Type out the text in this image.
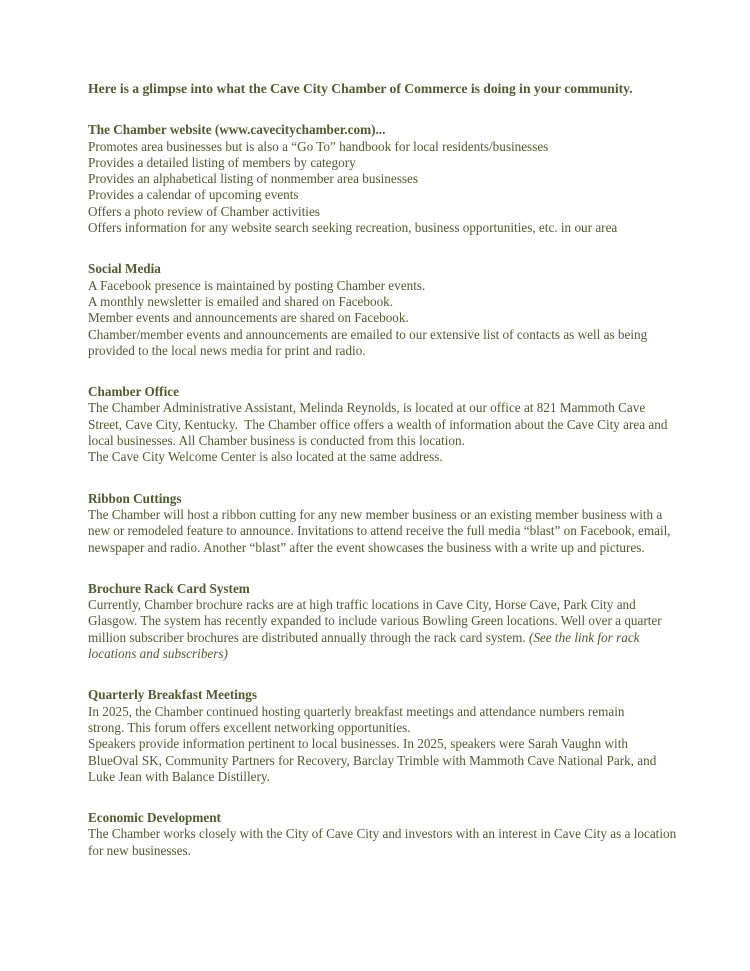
Here is a glimpse into what the Cave City Chamber of Commerce is doing in your community.
The Chamber website (www.cavecitychamber.com)...
Promotes area businesses but is also a “Go To” handbook for local residents/businesses
Provides a detailed listing of members by category
Provides an alphabetical listing of nonmember area businesses
Provides a calendar of upcoming events
Offers a photo review of Chamber activities
Offers information for any website search seeking recreation, business opportunities, etc. in our area
Social Media
A Facebook presence is maintained by posting Chamber events.
A monthly newsletter is emailed and shared on Facebook.
Member events and announcements are shared on Facebook.
Chamber/member events and announcements are emailed to our extensive list of contacts as well as being
provided to the local news media for print and radio.
Chamber Office
The Chamber Administrative Assistant, Melinda Reynolds, is located at our office at 821 Mammoth Cave
Street, Cave City, Kentucky.  The Chamber office offers a wealth of information about the Cave City area and
local businesses. All Chamber business is conducted from this location.
The Cave City Welcome Center is also located at the same address.
Ribbon Cuttings
The Chamber will host a ribbon cutting for any new member business or an existing member business with a
new or remodeled feature to announce. Invitations to attend receive the full media “blast” on Facebook, email,
newspaper and radio. Another “blast” after the event showcases the business with a write up and pictures.
Brochure Rack Card System
Currently, Chamber brochure racks are at high traffic locations in Cave City, Horse Cave, Park City and
Glasgow. The system has recently expanded to include various Bowling Green locations. Well over a quarter
million subscriber brochures are distributed annually through the rack card system. (See the link for rack
locations and subscribers)
Quarterly Breakfast Meetings
In 2025, the Chamber continued hosting quarterly breakfast meetings and attendance numbers remain
strong. This forum offers excellent networking opportunities.
Speakers provide information pertinent to local businesses. In 2025, speakers were Sarah Vaughn with
BlueOval SK, Community Partners for Recovery, Barclay Trimble with Mammoth Cave National Park, and
Luke Jean with Balance Distillery.
Economic Development
The Chamber works closely with the City of Cave City and investors with an interest in Cave City as a location
for new businesses.
